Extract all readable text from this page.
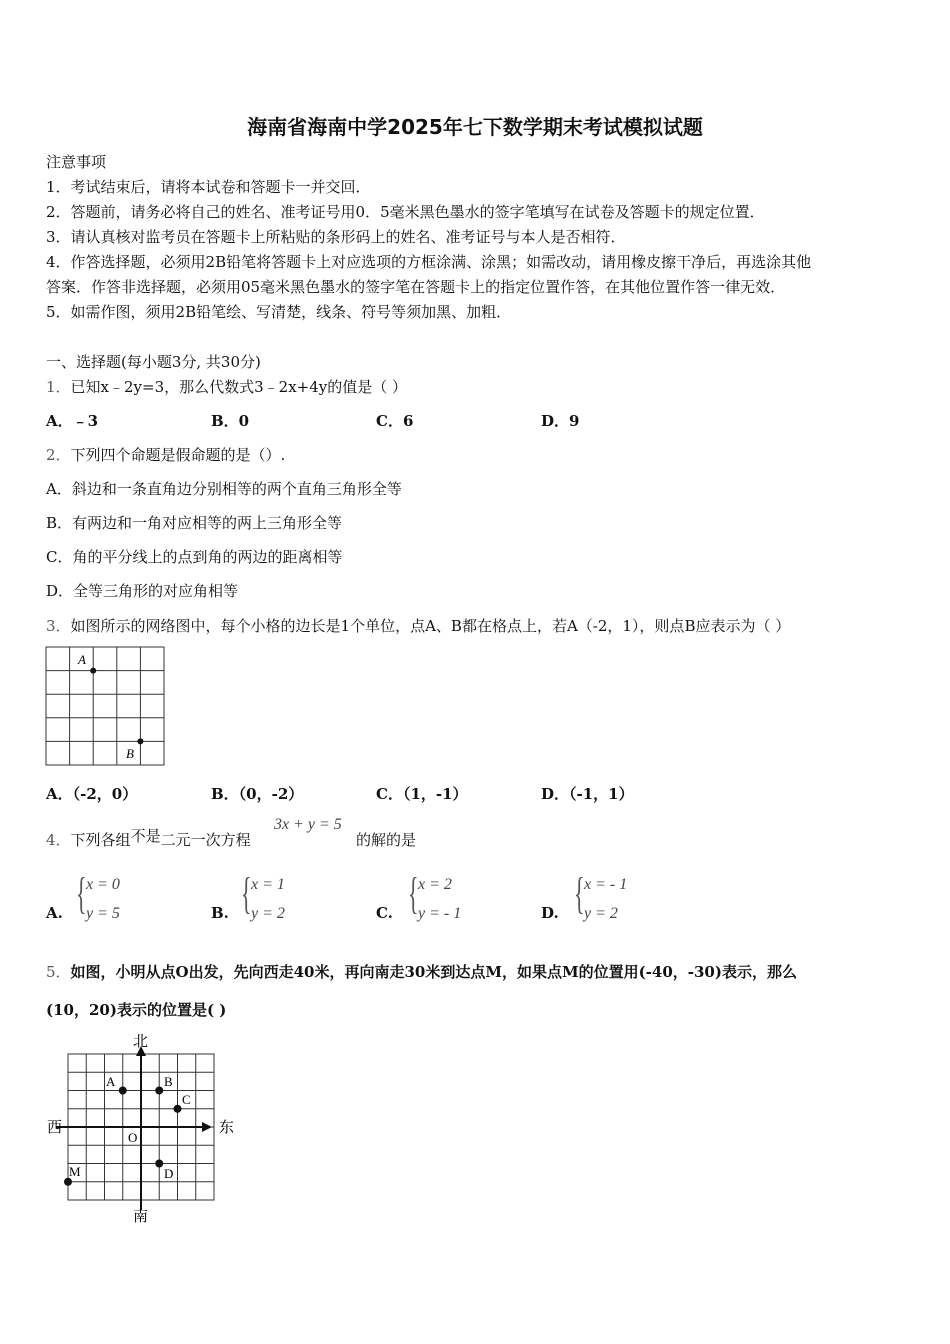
海南省海南中学2025年七下数学期末考试模拟试题
注意事项
1．考试结束后，请将本试卷和答题卡一并交回．
2．答题前，请务必将自己的姓名、准考证号用0．5毫米黑色墨水的签字笔填写在试卷及答题卡的规定位置．
3．请认真核对监考员在答题卡上所粘贴的条形码上的姓名、准考证号与本人是否相符．
4．作答选择题，必须用2B铅笔将答题卡上对应选项的方框涂满、涂黑；如需改动，请用橡皮擦干净后，再选涂其他
答案．作答非选择题，必须用05毫米黑色墨水的签字笔在答题卡上的指定位置作答，在其他位置作答一律无效．
5．如需作图，须用2B铅笔绘、写清楚，线条、符号等须加黑、加粗．
一、选择题(每小题3分, 共30分)
1．已知x﹣2y=3，那么代数式3﹣2x+4y的值是（ ）
A．﹣3	B．0	C．6	D．9
2．下列四个命题是假命题的是（）.
A．斜边和一条直角边分别相等的两个直角三角形全等
B．有两边和一角对应相等的两上三角形全等
C．角的平分线上的点到角的两边的距离相等
D．全等三角形的对应角相等
3．如图所示的网络图中，每个小格的边长是1个单位，点A、B都在格点上，若A（-2，1），则点B应表示为（ ）
A
B
A．（-2，0）	B．（0，-2）	C．（1，-1）	D．（-1，1）
4．下列各组不是二元一次方程
3x + y = 5
的解的是
A. { x = 0
y = 5	B. { x = 1
y = 2	C. { x = 2
y = - 1	D. { x = - 1
y = 2
5．如图，小明从点O出发，先向西走40米，再向南走30米到达点M，如果点M的位置用(-40，-30)表示，那么
(10，20)表示的位置是( )
北
南
西	东
A	B
C
D
M
O
